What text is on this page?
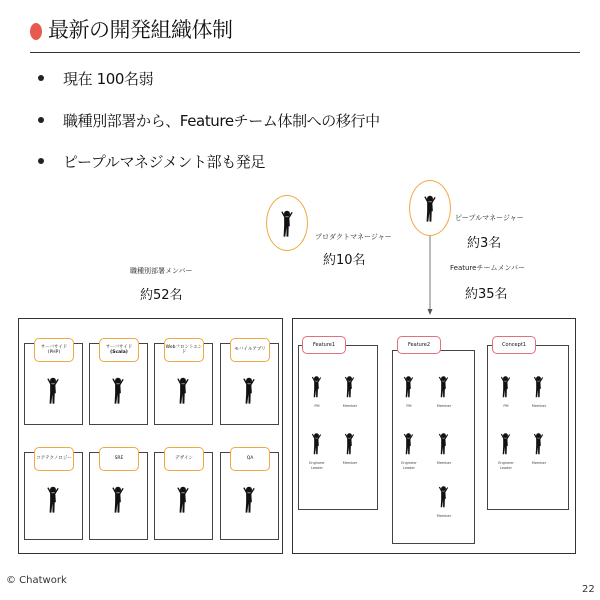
最新の開発組織体制
現在 100名弱
職種別部署から、Featureチーム体制への移行中
ピープルマネジメント部も発足
プロダクトマネージャー
約10名
ピープルマネージャー
約3名
職種別部署メンバー
約52名
Featureチームメンバー
約35名
サーバサイド
(PHP)
サーバサイド
(Scala)
Webフロントエンド
モバイルアプリ
コアテクノロジー	SRE	デザイン	QA
Feature1
PM	Member
Engineer
Leader
Member
Feature2
PM	Member
Engineer
Leader
Member
Member
Concept1
PM	Member
Engineer
Leader
Member
© Chatwork
22
